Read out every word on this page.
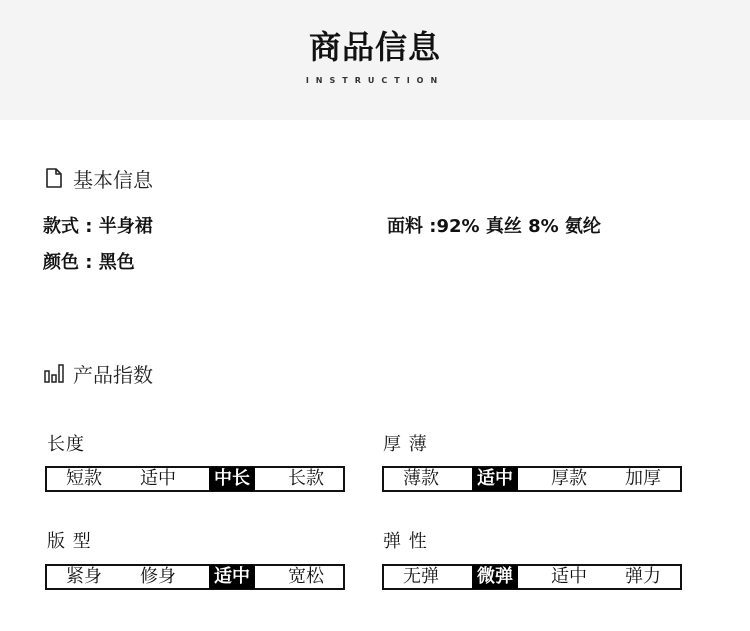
商品信息
INSTRUCTION
基本信息
款式 : 半身裙	面料 :92% 真丝 8% 氨纶
颜色 : 黑色
产品指数
长度
短款 适中 中长 长款
厚 薄
薄款 适中 厚款 加厚
版 型
紧身 修身 适中 宽松
弹 性
无弹 微弹 适中 弹力
